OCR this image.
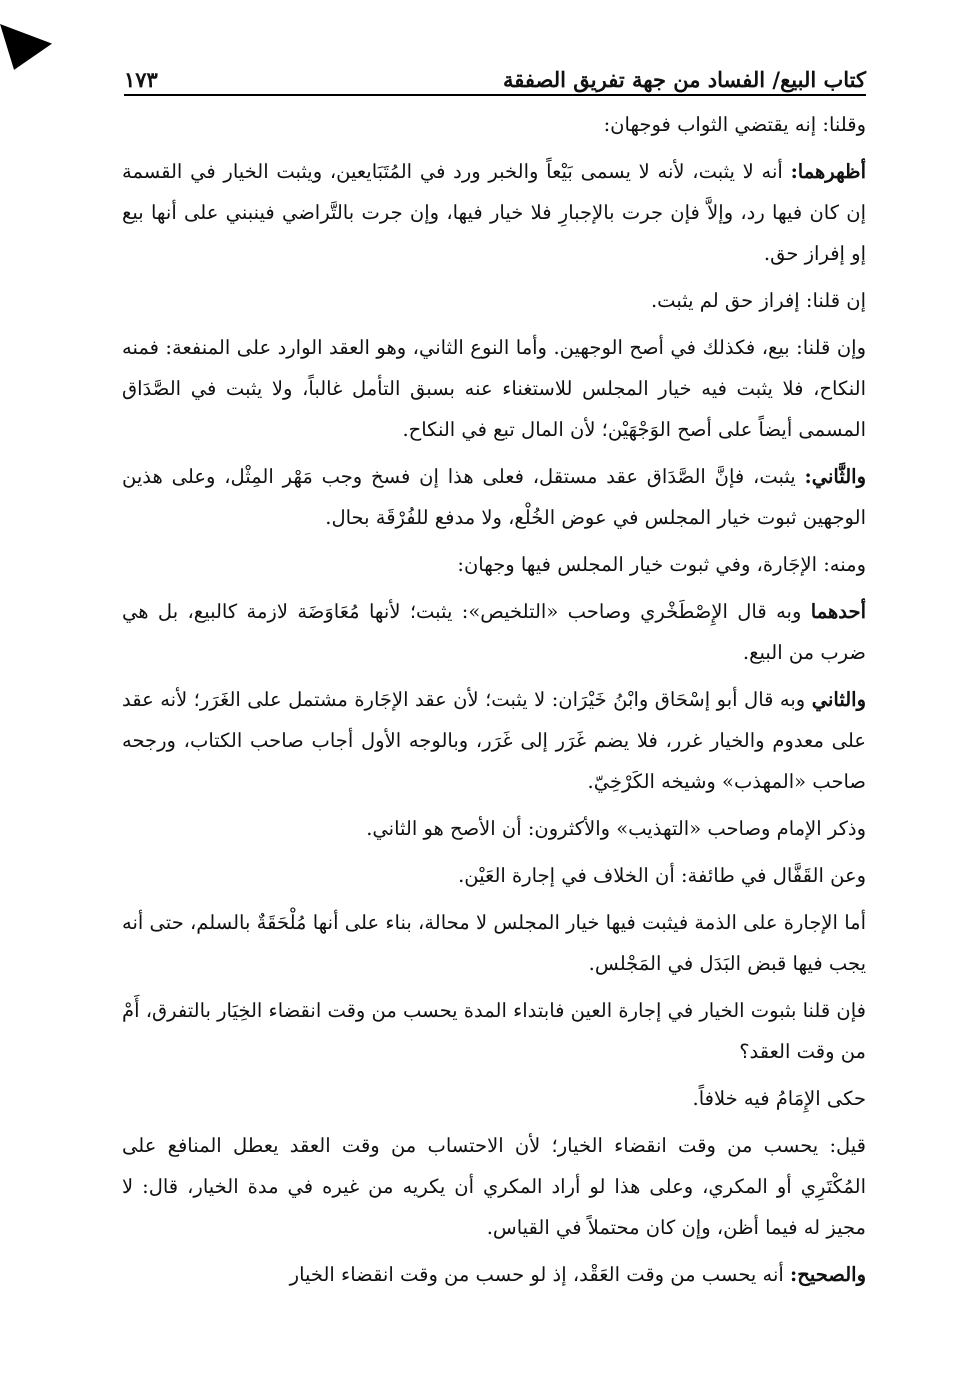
كتاب البيع/ الفساد من جهة تفريق الصفقة
١٧٣

وقلنا: إنه يقتضي الثواب فوجهان:

أظهرهما: أنه لا يثبت، لأنه لا يسمى بَيْعاً والخبر ورد في المُتَبَايعين، ويثبت الخيار في القسمة إن كان فيها رد، وإلاَّ فإن جرت بالإجبارِ فلا خيار فيها، وإن جرت بالتَّراضي فينبني على أنها بيع إو إفراز حق.

إن قلنا: إفراز حق لم يثبت.

وإن قلنا: بيع، فكذلك في أصح الوجهين. وأما النوع الثاني، وهو العقد الوارد على المنفعة: فمنه النكاح، فلا يثبت فيه خيار المجلس للاستغناء عنه بسبق التأمل غالباً، ولا يثبت في الصَّدَاق المسمى أيضاً على أصح الوَجْهَيْن؛ لأن المال تبع في النكاح.

والثَّاني: يثبت، فإنَّ الصَّدَاق عقد مستقل، فعلى هذا إن فسخ وجب مَهْر المِثْل، وعلى هذين الوجهين ثبوت خيار المجلس في عوض الخُلْع، ولا مدفع للفُرْقَة بحال.

ومنه: الإجَارة، وفي ثبوت خيار المجلس فيها وجهان:

أحدهما وبه قال الإِصْطَخْري وصاحب «التلخيص»: يثبت؛ لأنها مُعَاوَضَة لازمة كالبيع، بل هي ضرب من البيع.

والثاني وبه قال أبو إسْحَاق وابْنُ خَيْرَان: لا يثبت؛ لأن عقد الإجَارة مشتمل على الغَرَر؛ لأنه عقد على معدوم والخيار غرر، فلا يضم غَرَر إلى غَرَر، وبالوجه الأول أجاب صاحب الكتاب، ورجحه صاحب «المهذب» وشيخه الكَرْخِيّ.

وذكر الإمام وصاحب «التهذيب» والأكثرون: أن الأصح هو الثاني.

وعن القَفَّال في طائفة: أن الخلاف في إجارة العَيْن.

أما الإجارة على الذمة فيثبت فيها خيار المجلس لا محالة، بناء على أنها مُلْحَقَةٌ بالسلم، حتى أنه يجب فيها قبض البَدَل في المَجْلس.

فإن قلنا بثبوت الخيار في إجارة العين فابتداء المدة يحسب من وقت انقضاء الخِيَار بالتفرق، أَمْ من وقت العقد؟

حكى الإِمَامُ فيه خلافاً.

قيل: يحسب من وقت انقضاء الخيار؛ لأن الاحتساب من وقت العقد يعطل المنافع على المُكْتَرِي أو المكري، وعلى هذا لو أراد المكري أن يكريه من غيره في مدة الخيار، قال: لا مجيز له فيما أظن، وإن كان محتملاً في القياس.

والصحيح: أنه يحسب من وقت العَقْد، إذ لو حسب من وقت انقضاء الخيار
